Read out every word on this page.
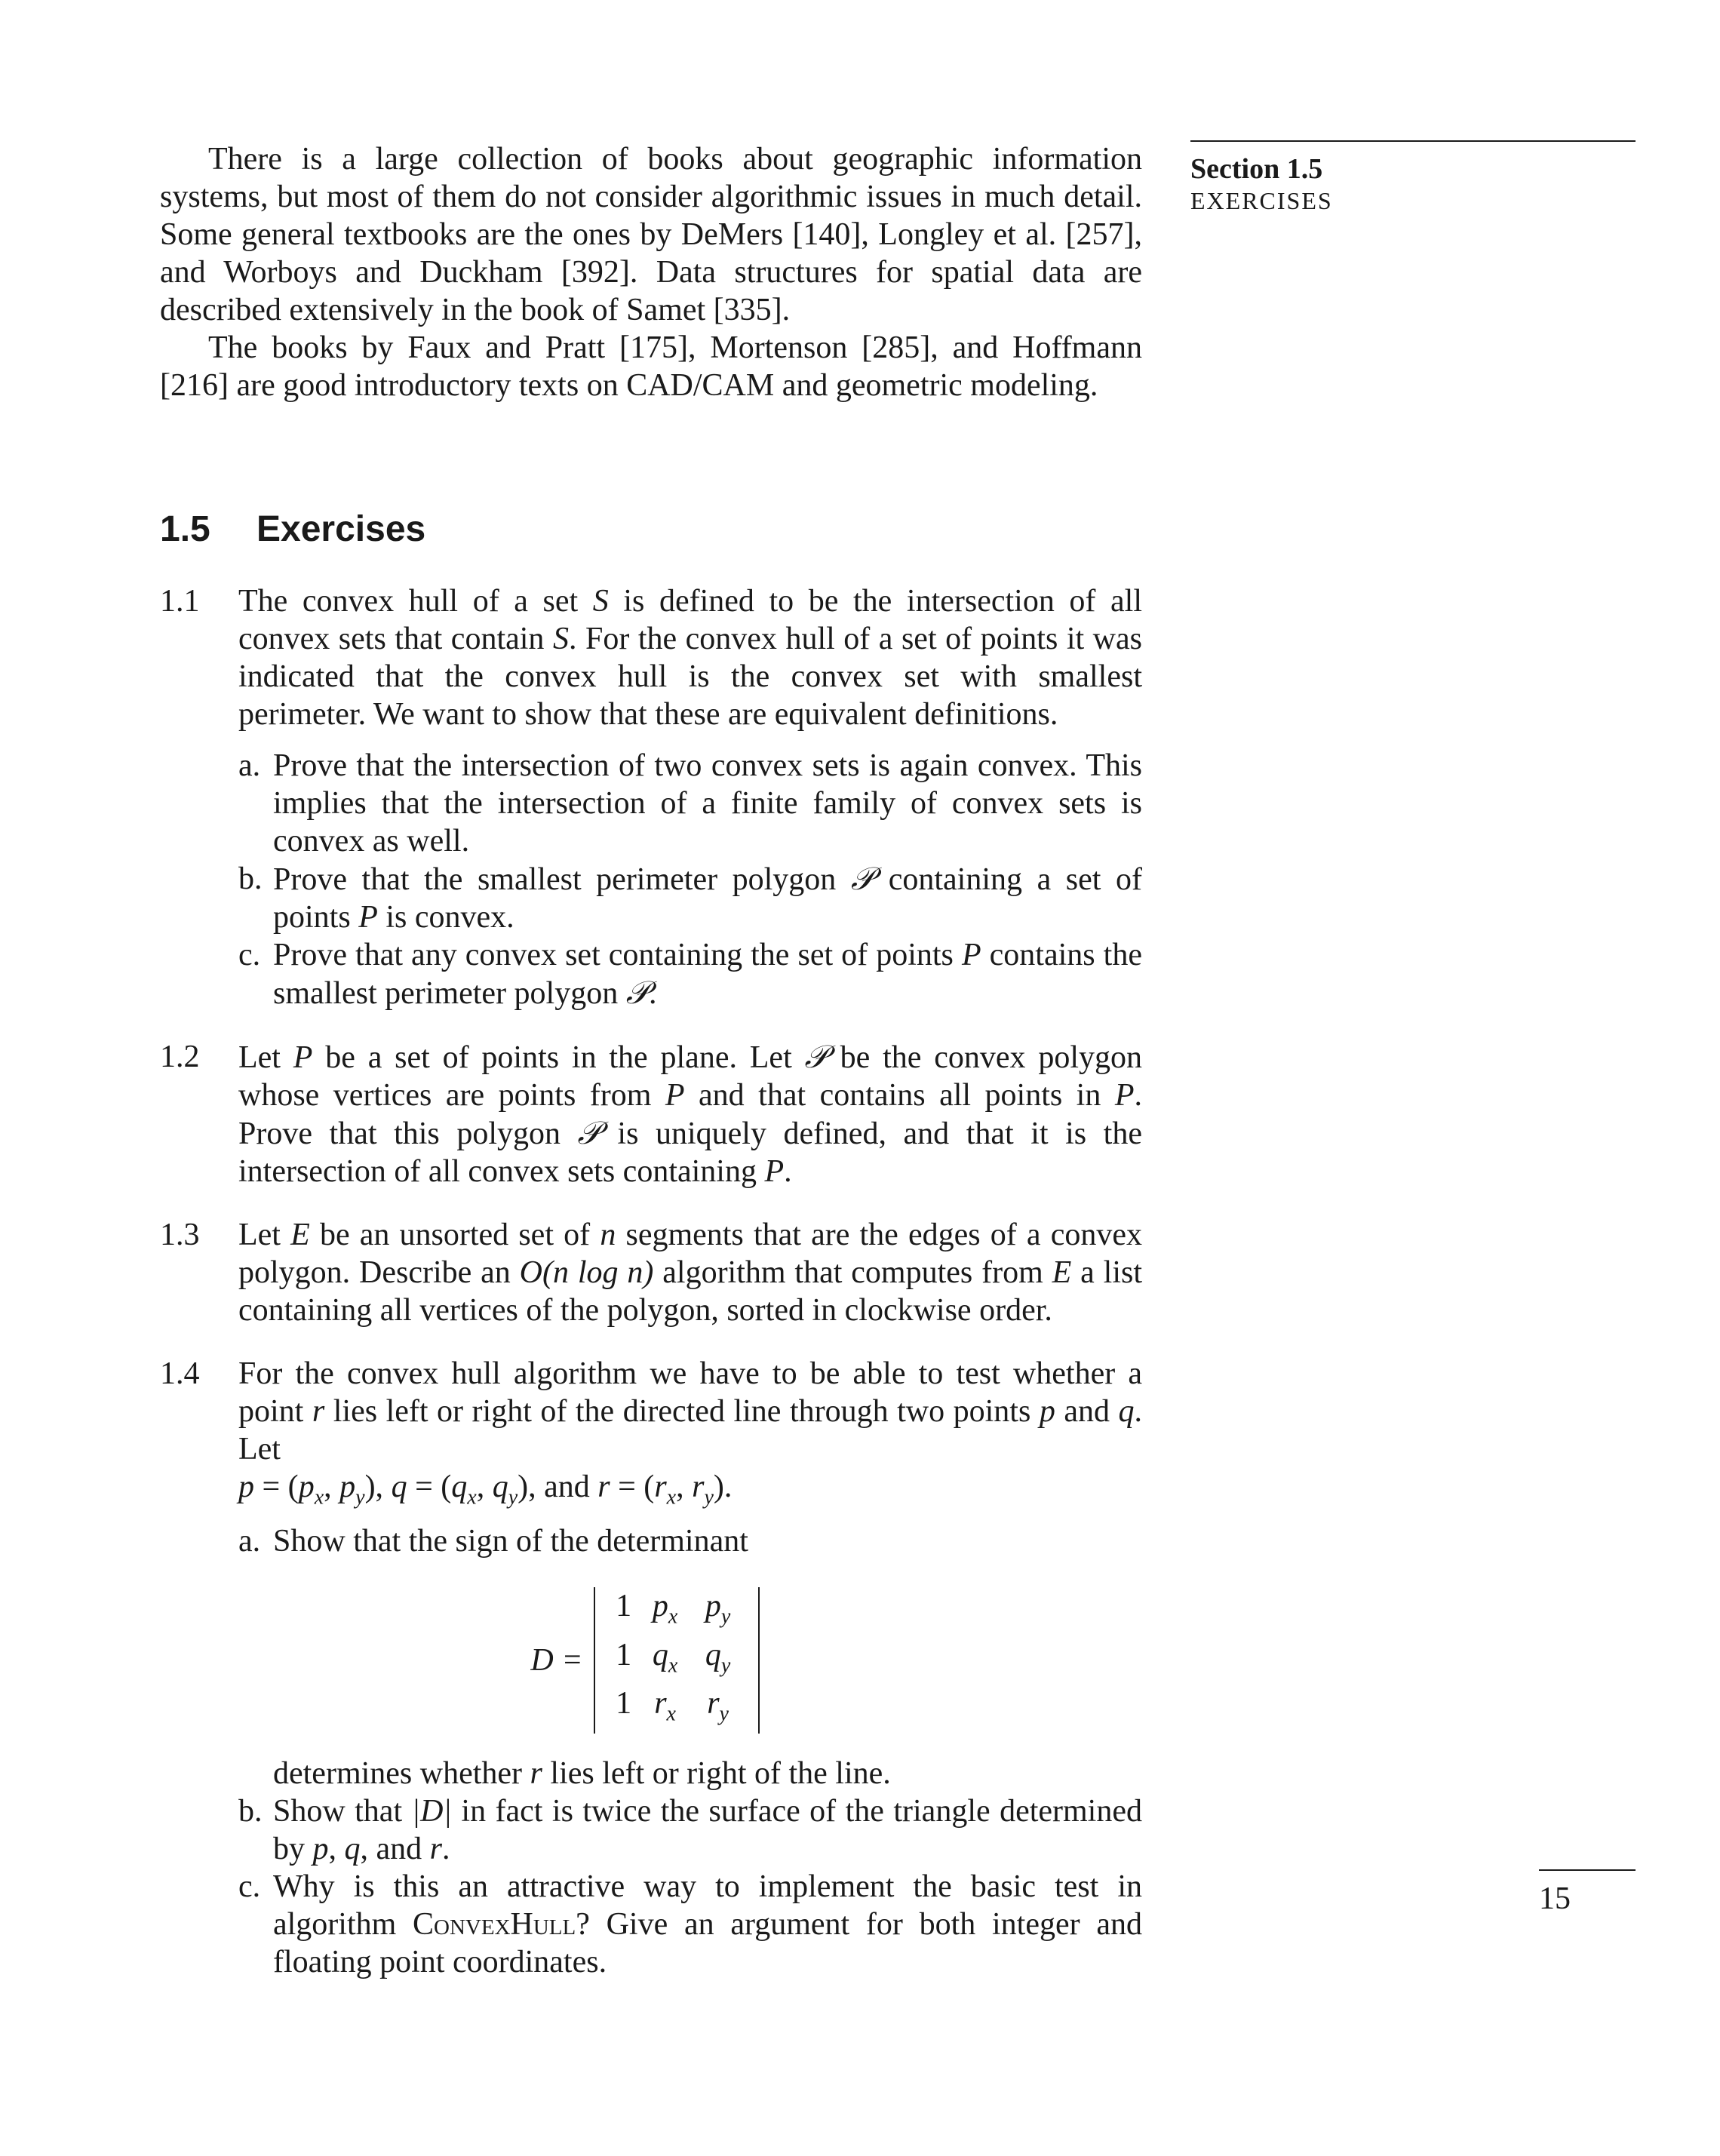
There is a large collection of books about geographic information systems, but most of them do not consider algorithmic issues in much detail. Some general textbooks are the ones by DeMers [140], Longley et al. [257], and Worboys and Duckham [392]. Data structures for spatial data are described extensively in the book of Samet [335].

The books by Faux and Pratt [175], Mortenson [285], and Hoffmann [216] are good introductory texts on CAD/CAM and geometric modeling.

1.5	Exercises
1.1	The convex hull of a set S is defined to be the intersection of all convex sets that contain S. For the convex hull of a set of points it was indicated that the convex hull is the convex set with smallest perimeter. We want to show that these are equivalent definitions.
a. Prove that the intersection of two convex sets is again convex. This implies that the intersection of a finite family of convex sets is convex as well.
b. Prove that the smallest perimeter polygon 𝒫 containing a set of points P is convex.
c. Prove that any convex set containing the set of points P contains the smallest perimeter polygon 𝒫.
1.2	Let P be a set of points in the plane. Let 𝒫 be the convex polygon whose vertices are points from P and that contains all points in P. Prove that this polygon 𝒫 is uniquely defined, and that it is the intersection of all convex sets containing P.
1.3	Let E be an unsorted set of n segments that are the edges of a convex polygon. Describe an O(n log n) algorithm that computes from E a list containing all vertices of the polygon, sorted in clockwise order.
1.4	For the convex hull algorithm we have to be able to test whether a point r lies left or right of the directed line through two points p and q. Let
$p = (p_x$, $p_y$), $q = (q_x$, $q_y$), and $r = (r_x$, $r_y$).
a. Show that the sign of the determinant
D =
1 $p_x$ $p_y$
1 $q_x$ $q_y$
1 $r_x$ $r_y$
determines whether r lies left or right of the line.
b. Show that |D| in fact is twice the surface of the triangle determined by p, q, and r.
c. Why is this an attractive way to implement the basic test in algorithm ConvexHull? Give an argument for both integer and floating point coordinates.
Section 1.5
EXERCISES
15
